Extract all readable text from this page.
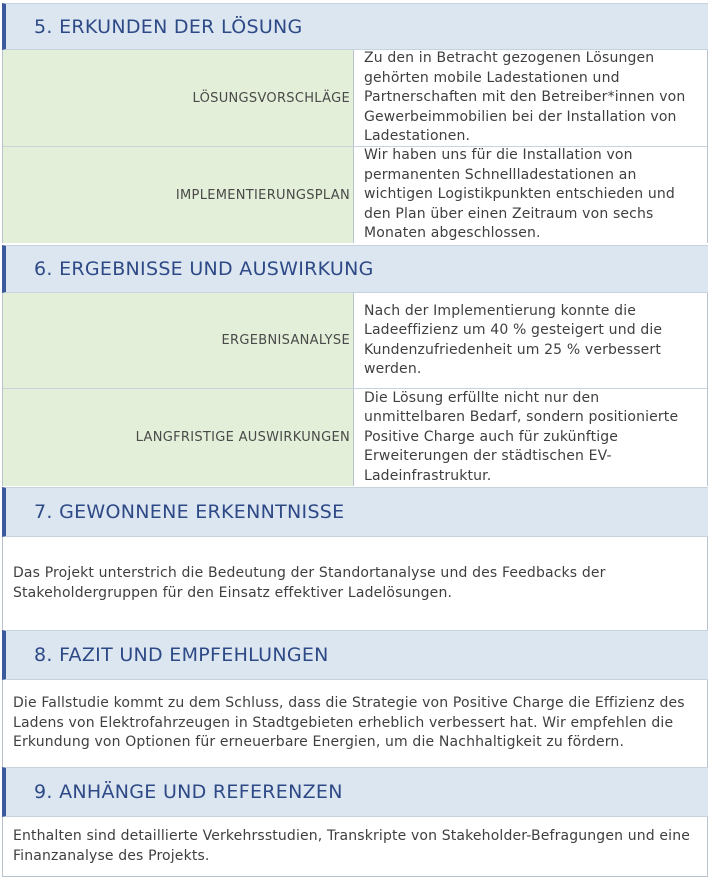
5. ERKUNDEN DER LÖSUNG
LÖSUNGSVORSCHLÄGE
Zu den in Betracht gezogenen Lösungen gehörten mobile Ladestationen und Partnerschaften mit den Betreiber*innen von Gewerbeimmobilien bei der Installation von Ladestationen.
IMPLEMENTIERUNGSPLAN
Wir haben uns für die Installation von permanenten Schnellladestationen an wichtigen Logistikpunkten entschieden und den Plan über einen Zeitraum von sechs Monaten abgeschlossen.
6. ERGEBNISSE UND AUSWIRKUNG
ERGEBNISANALYSE
Nach der Implementierung konnte die Ladeeffizienz um 40 % gesteigert und die Kundenzufriedenheit um 25 % verbessert werden.
LANGFRISTIGE AUSWIRKUNGEN
Die Lösung erfüllte nicht nur den unmittelbaren Bedarf, sondern positionierte Positive Charge auch für zukünftige Erweiterungen der städtischen EV-Ladeinfrastruktur.
7. GEWONNENE ERKENNTNISSE
Das Projekt unterstrich die Bedeutung der Standortanalyse und des Feedbacks der Stakeholdergruppen für den Einsatz effektiver Ladelösungen.
8. FAZIT UND EMPFEHLUNGEN
Die Fallstudie kommt zu dem Schluss, dass die Strategie von Positive Charge die Effizienz des Ladens von Elektrofahrzeugen in Stadtgebieten erheblich verbessert hat. Wir empfehlen die Erkundung von Optionen für erneuerbare Energien, um die Nachhaltigkeit zu fördern.
9. ANHÄNGE UND REFERENZEN
Enthalten sind detaillierte Verkehrsstudien, Transkripte von Stakeholder-Befragungen und eine Finanzanalyse des Projekts.
